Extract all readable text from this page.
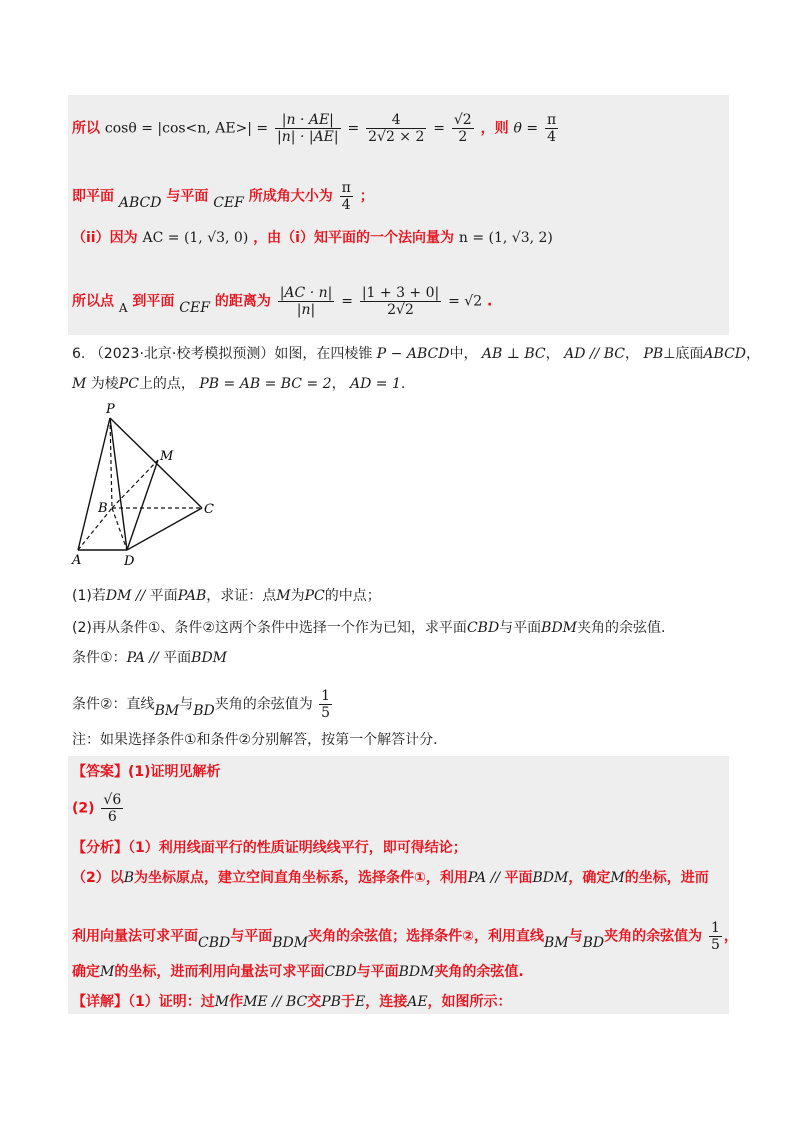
所以 cosθ = |cos<n, $AE>| = \frac{|n \cdot AE|}{|n| \cdot |AE|} = \frac{4}{2√2 \times 2} = \frac{√2}{2}$ ，则 $\theta = \frac{\pi}{4}$
即平面 ABCD 与平面 CEF 所成角大小为 $\frac{\pi}{4}$ ；
（ii）因为 AC = (1, √3, 0) ，由（i）知平面的一个法向量为 n = (1, √3, 2)
所以点 A 到平面 CEF 的距离为 $\frac{|AC \cdot n|}{|n|} = \frac{|1 + 3 + 0|}{2√2} = √2$ .
6. （2023·北京·校考模拟预测）如图，在四棱锥 P − ABCD中， AB ⊥ BC， AD // BC， PB⊥底面ABCD，
M 为棱PC上的点， PB = AB = BC = 2， AD = 1.
P
M
B	C
A	D
(1)若DM // 平面PAB，求证：点M为PC的中点；
(2)再从条件①、条件②这两个条件中选择一个作为已知，求平面CBD与平面BDM夹角的余弦值.
条件①：PA // 平面BDM
条件②：直线BM与BD夹角的余弦值为 $\frac{1}{5}$
注：如果选择条件①和条件②分别解答，按第一个解答计分.
【答案】(1)证明见解析
$(2) \frac{√6}{6}$
【分析】（1）利用线面平行的性质证明线线平行，即可得结论；
（2）以B为坐标原点，建立空间直角坐标系，选择条件①，利用PA // 平面BDM，确定M的坐标，进而
利用向量法可求平面CBD与平面BDM夹角的余弦值；选择条件②，利用直线BM与BD夹角的余弦值为 $\frac{1}{5}$ ，
确定M的坐标，进而利用向量法可求平面CBD与平面BDM夹角的余弦值.
【详解】（1）证明：过M作ME // BC交PB于E，连接AE，如图所示：
